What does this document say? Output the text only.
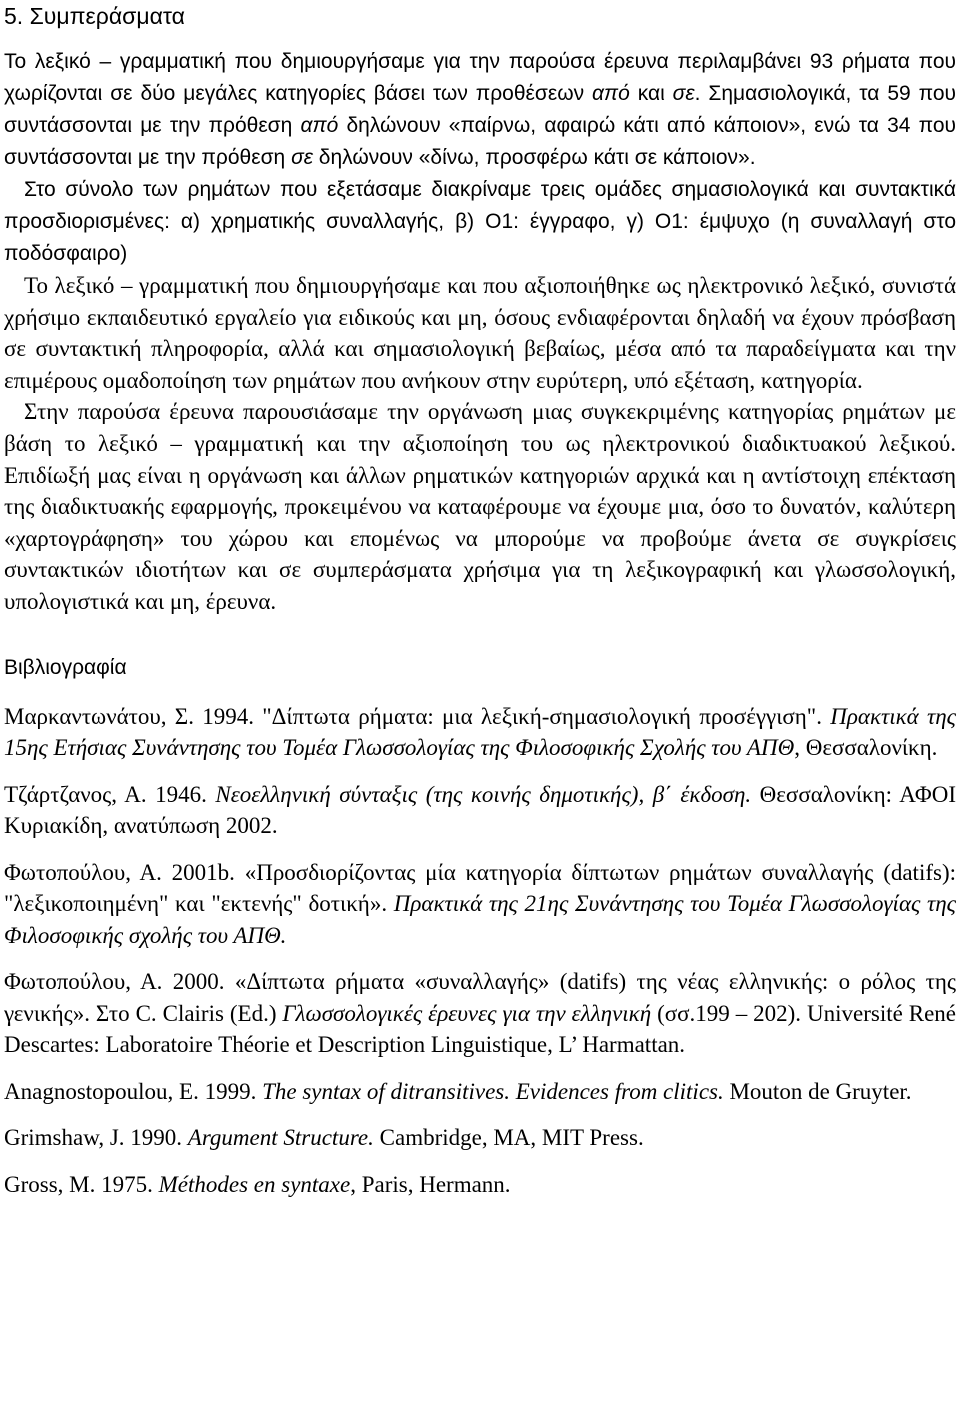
5. Συμπεράσματα

Το λεξικό – γραμματική που δημιουργήσαμε για την παρούσα έρευνα περιλαμβάνει 93 ρήματα που χωρίζονται σε δύο μεγάλες κατηγορίες βάσει των προθέσεων από και σε. Σημασιολογικά, τα 59 που συντάσσονται με την πρόθεση από δηλώνουν «παίρνω, αφαιρώ κάτι από κάποιον», ενώ τα 34 που συντάσσονται με την πρόθεση σε δηλώνουν «δίνω, προσφέρω κάτι σε κάποιον».

Στο σύνολο των ρημάτων που εξετάσαμε διακρίναμε τρεις ομάδες σημασιολογικά και συντακτικά προσδιορισμένες: α) χρηματικής συναλλαγής, β) Ο1: έγγραφο, γ) Ο1: έμψυχο (η συναλλαγή στο ποδόσφαιρο)

Το λεξικό – γραμματική που δημιουργήσαμε και που αξιοποιήθηκε ως ηλεκτρονικό λεξικό, συνιστά χρήσιμο εκπαιδευτικό εργαλείο για ειδικούς και μη, όσους ενδιαφέρονται δηλαδή να έχουν πρόσβαση σε συντακτική πληροφορία, αλλά και σημασιολογική βεβαίως, μέσα από τα παραδείγματα και την επιμέρους ομαδοποίηση των ρημάτων που ανήκουν στην ευρύτερη, υπό εξέταση, κατηγορία.

Στην παρούσα έρευνα παρουσιάσαμε την οργάνωση μιας συγκεκριμένης κατηγορίας ρημάτων με βάση το λεξικό – γραμματική και την αξιοποίηση του ως ηλεκτρονικού διαδικτυακού λεξικού. Επιδίωξή μας είναι η οργάνωση και άλλων ρηματικών κατηγοριών αρχικά και η αντίστοιχη επέκταση της διαδικτυακής εφαρμογής, προκειμένου να καταφέρουμε να έχουμε μια, όσο το δυνατόν, καλύτερη «χαρτογράφηση» του χώρου και επομένως να μπορούμε να προβούμε άνετα σε συγκρίσεις συντακτικών ιδιοτήτων και σε συμπεράσματα χρήσιμα για τη λεξικογραφική και γλωσσολογική, υπολογιστικά και μη, έρευνα.

Βιβλιογραφία

Μαρκαντωνάτου, Σ. 1994. "Δίπτωτα ρήματα: μια λεξική-σημασιολογική προσέγγιση". Πρακτικά της 15ης Ετήσιας Συνάντησης του Τομέα Γλωσσολογίας της Φιλοσοφικής Σχολής του ΑΠΘ, Θεσσαλονίκη.

Τζάρτζανος, Α. 1946. Νεοελληνική σύνταξις (της κοινής δημοτικής), β΄ έκδοση. Θεσσαλονίκη: ΑΦΟΙ Κυριακίδη, ανατύπωση 2002.

Φωτοπούλου, Α. 2001b. «Προσδιορίζοντας μία κατηγορία δίπτωτων ρημάτων συναλλαγής (datifs): "λεξικοποιημένη" και "εκτενής" δοτική». Πρακτικά της 21ης Συνάντησης του Τομέα Γλωσσολογίας της Φιλοσοφικής σχολής του ΑΠΘ.

Φωτοπούλου, Α. 2000. «Δίπτωτα ρήματα «συναλλαγής» (datifs) της νέας ελληνικής: ο ρόλος της γενικής». Στο C. Clairis (Ed.) Γλωσσολογικές έρευνες για την ελληνική (σσ.199 – 202). Université René Descartes: Laboratoire Théorie et Description Linguistique, L’ Harmattan.

Anagnostopoulou, E. 1999. The syntax of ditransitives. Evidences from clitics. Mouton de Gruyter.

Grimshaw, J. 1990. Argument Structure. Cambridge, MA, MIT Press.

Gross, M. 1975. Méthodes en syntaxe, Paris, Hermann.
